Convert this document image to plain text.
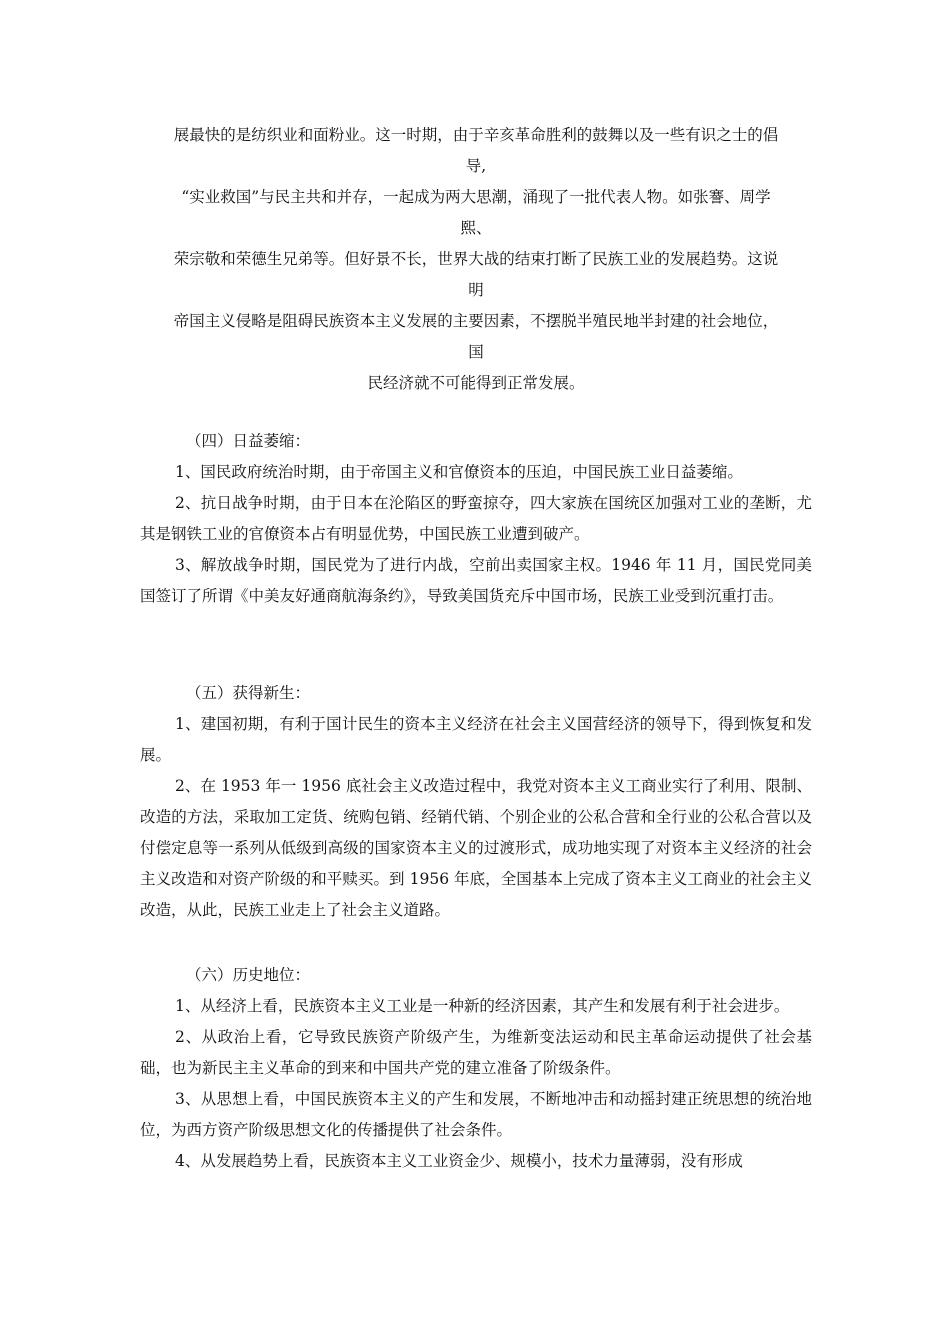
展最快的是纺织业和面粉业。这一时期，由于辛亥革命胜利的鼓舞以及一些有识之士的倡
导,
“实业救国”与民主共和并存，一起成为两大思潮，涌现了一批代表人物。如张謇、周学
熙、
荣宗敬和荣德生兄弟等。但好景不长，世界大战的结束打断了民族工业的发展趋势。这说
明
帝国主义侵略是阻碍民族资本主义发展的主要因素，不摆脱半殖民地半封建的社会地位，
国
民经济就不可能得到正常发展。

（四）日益萎缩：

1、国民政府统治时期，由于帝国主义和官僚资本的压迫，中国民族工业日益萎缩。

2、抗日战争时期，由于日本在沦陷区的野蛮掠夺，四大家族在国统区加强对工业的垄断，尤其是钢铁工业的官僚资本占有明显优势，中国民族工业遭到破产。

3、解放战争时期，国民党为了进行内战，空前出卖国家主权。1946 年 11 月，国民党同美国签订了所谓《中美友好通商航海条约》，导致美国货充斥中国市场，民族工业受到沉重打击。

（五）获得新生：

1、建国初期，有利于国计民生的资本主义经济在社会主义国营经济的领导下，得到恢复和发展。

2、在 1953 年一 1956 底社会主义改造过程中，我党对资本主义工商业实行了利用、限制、改造的方法，采取加工定货、统购包销、经销代销、个别企业的公私合营和全行业的公私合营以及付偿定息等一系列从低级到高级的国家资本主义的过渡形式，成功地实现了对资本主义经济的社会主义改造和对资产阶级的和平赎买。到 1956 年底，全国基本上完成了资本主义工商业的社会主义改造，从此，民族工业走上了社会主义道路。

（六）历史地位：

1、从经济上看，民族资本主义工业是一种新的经济因素，其产生和发展有利于社会进步。

2、从政治上看，它导致民族资产阶级产生，为维新变法运动和民主革命运动提供了社会基础，也为新民主主义革命的到来和中国共产党的建立准备了阶级条件。

3、从思想上看，中国民族资本主义的产生和发展，不断地冲击和动摇封建正统思想的统治地位，为西方资产阶级思想文化的传播提供了社会条件。

4、从发展趋势上看，民族资本主义工业资金少、规模小，技术力量薄弱，没有形成
